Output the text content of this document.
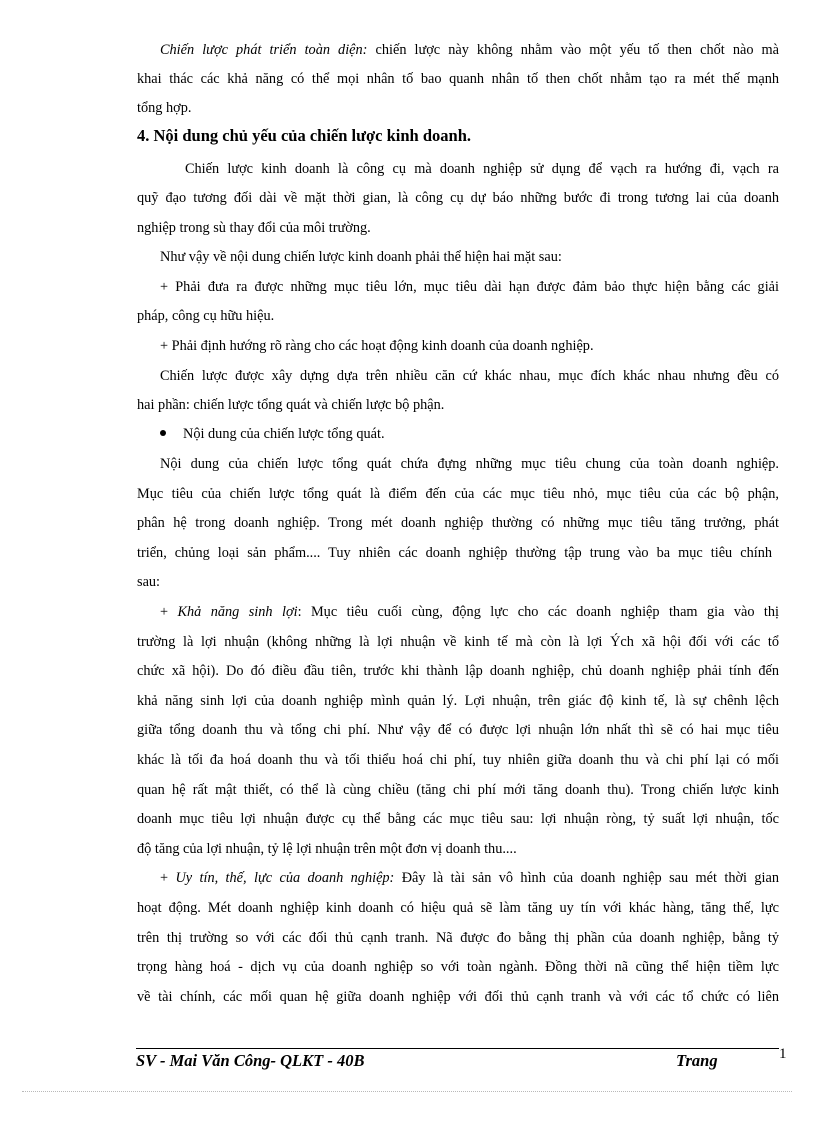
Chiến lược phát triển toàn diện: chiến lược này không nhằm vào một yếu tố then chốt nào mà
khai thác các khả năng có thể mọi nhân tố bao quanh nhân tố then chốt nhằm tạo ra mét thế mạnh
tổng hợp.
4. Nội dung chủ yếu của chiến lược kinh doanh.
Chiến lược kinh doanh là công cụ mà doanh nghiệp sử dụng để vạch ra hướng đi, vạch ra
quỹ đạo tương đối dài về mặt thời gian, là công cụ dự báo những bước đi trong tương lai của doanh
nghiệp trong sù thay đổi của môi trường.
Như vậy về nội dung chiến lược kinh doanh phải thể hiện hai mặt sau:
+ Phải đưa ra được những mục tiêu lớn, mục tiêu dài hạn được đảm bảo thực hiện bằng các giải
pháp, công cụ hữu hiệu.
+ Phải định hướng rõ ràng cho các hoạt động kinh doanh của doanh nghiệp.
Chiến lược được xây dựng dựa trên nhiều căn cứ khác nhau, mục đích khác nhau nhưng đều có
hai phần: chiến lược tổng quát và chiến lược bộ phận.
Nội dung của chiến lược tổng quát.
Nội dung của chiến lược tổng quát chứa đựng những mục tiêu chung của toàn doanh nghiệp.
Mục tiêu của chiến lược tổng quát là điểm đến của các mục tiêu nhỏ, mục tiêu của các bộ phận,
phân hệ trong doanh nghiệp. Trong mét doanh nghiệp thường có những mục tiêu tăng trưởng, phát
triển, chủng loại sản phẩm.... Tuy nhiên các doanh nghiệp thường tập trung vào ba mục tiêu chính
sau:
+ Khả năng sinh lợi: Mục tiêu cuối cùng, động lực cho các doanh nghiệp tham gia vào thị
trường là lợi nhuận (không những là lợi nhuận về kinh tế mà còn là lợi Ých xã hội đối với các tổ
chức xã hội). Do đó điều đầu tiên, trước khi thành lập doanh nghiệp, chủ doanh nghiệp phải tính đến
khả năng sinh lợi của doanh nghiệp mình quản lý. Lợi nhuận, trên giác độ kinh tế, là sự chênh lệch
giữa tổng doanh thu và tổng chi phí. Như vậy để có được lợi nhuận lớn nhất thì sẽ có hai mục tiêu
khác là tối đa hoá doanh thu và tối thiểu hoá chi phí, tuy nhiên giữa doanh thu và chi phí lại có mối
quan hệ rất mật thiết, có thể là cùng chiều (tăng chi phí mới tăng doanh thu). Trong chiến lược kinh
doanh mục tiêu lợi nhuận được cụ thể bằng các mục tiêu sau: lợi nhuận ròng, tỷ suất lợi nhuận, tốc
độ tăng của lợi nhuận, tỷ lệ lợi nhuận trên một đơn vị doanh thu....
+ Uy tín, thế, lực của doanh nghiệp: Đây là tài sản vô hình của doanh nghiệp sau mét thời gian
hoạt động. Mét doanh nghiệp kinh doanh có hiệu quả sẽ làm tăng uy tín với khác hàng, tăng thế, lực
trên thị trường so với các đối thủ cạnh tranh. Nã được đo bằng thị phần của doanh nghiệp, bằng tỷ
trọng hàng hoá - dịch vụ của doanh nghiệp so với toàn ngành. Đồng thời nã cũng thể hiện tiềm lực
về tài chính, các mối quan hệ giữa doanh nghiệp với đối thủ cạnh tranh và với các tổ chức có liên
SV - Mai Văn Công- QLKT - 40B	Trang	1
